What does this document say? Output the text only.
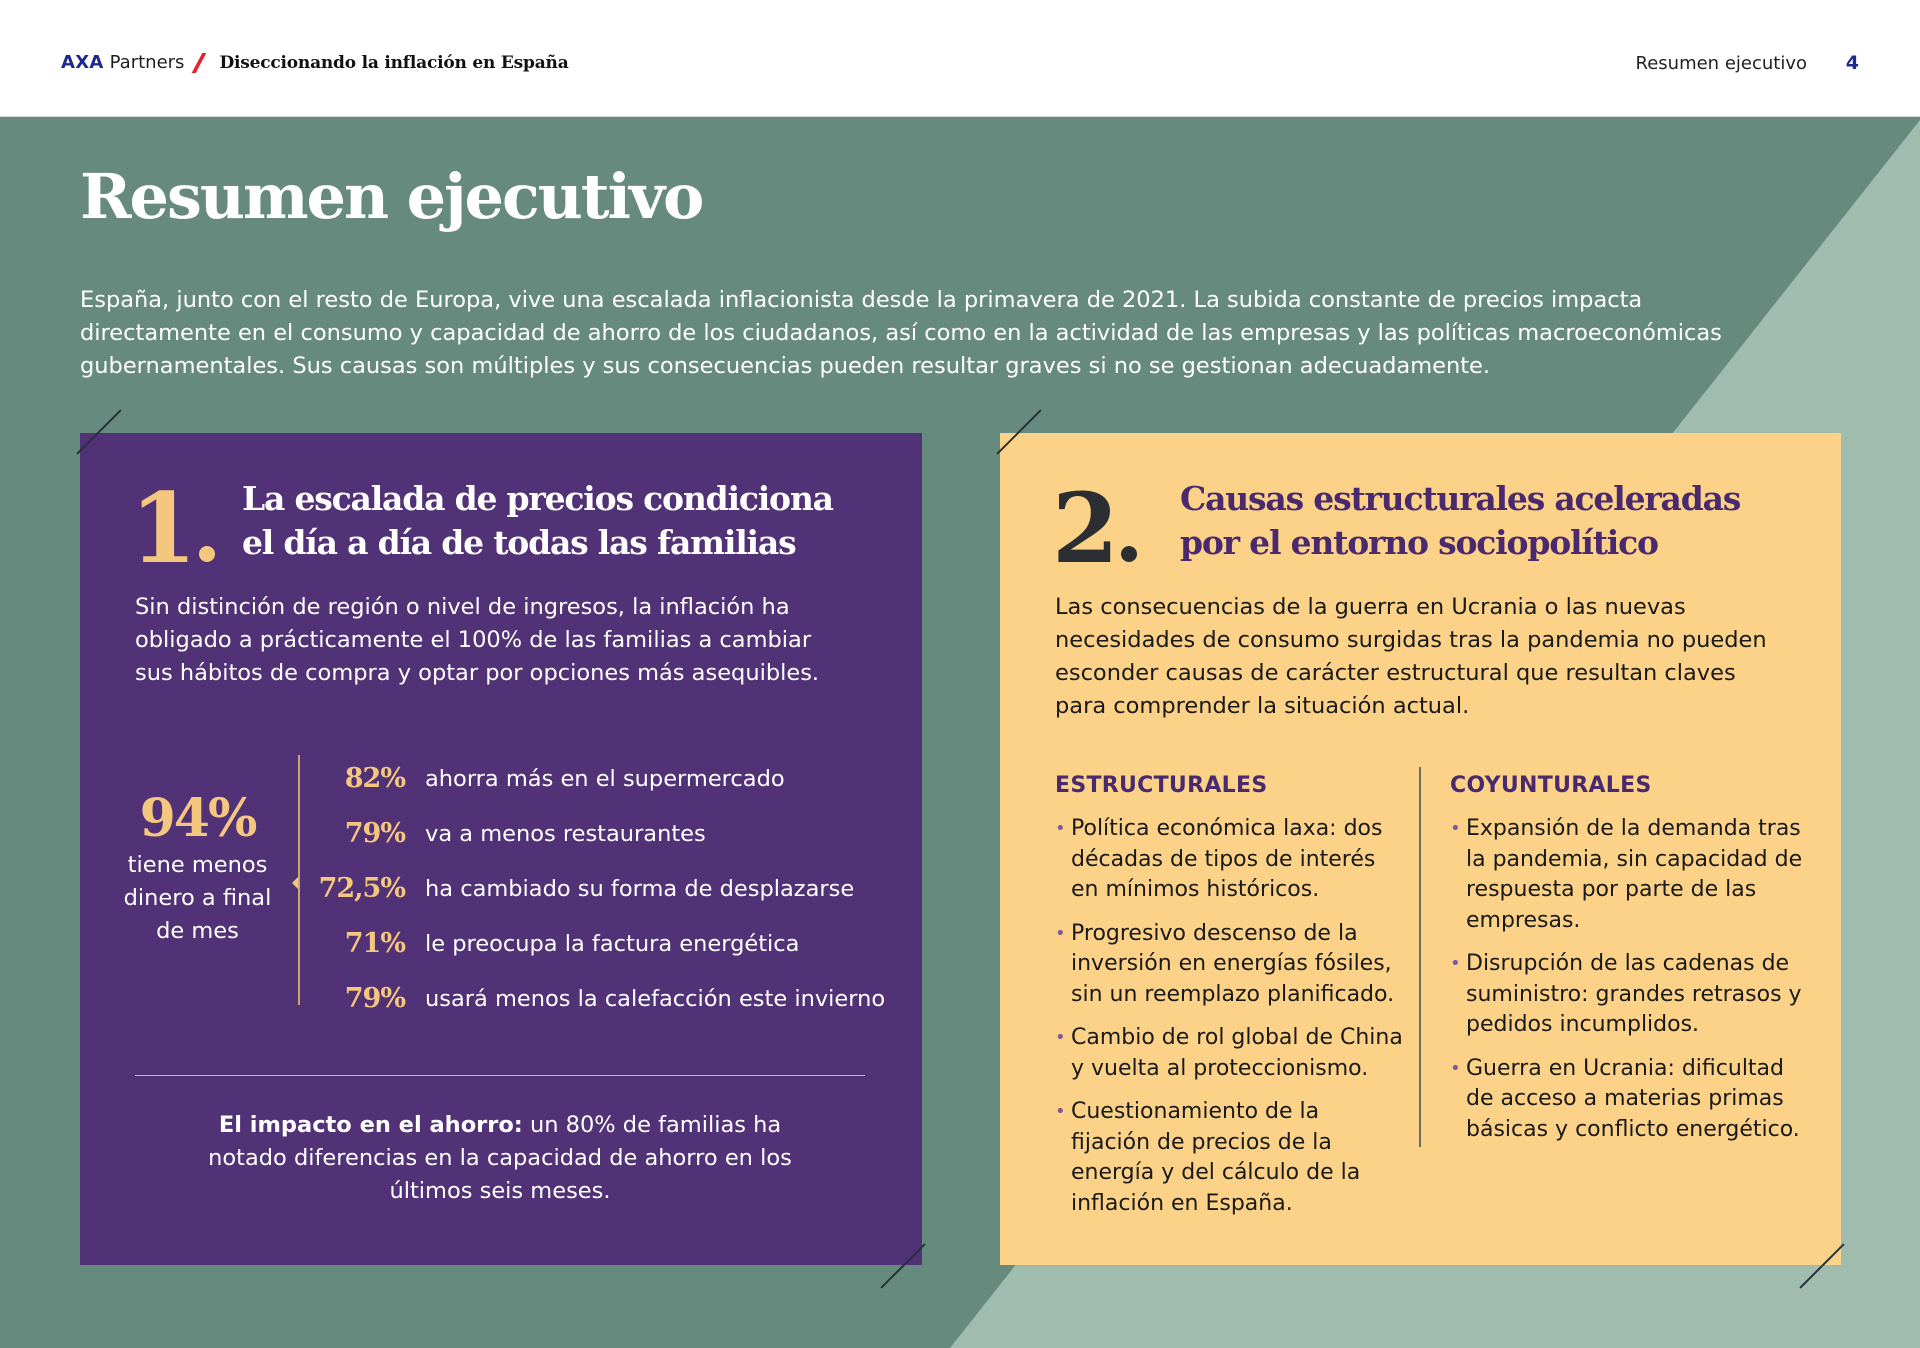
AXA Partners Diseccionando la inflación en España	Resumen ejecutivo 4
Resumen ejecutivo

España, junto con el resto de Europa, vive una escalada inflacionista desde la primavera de 2021. La subida constante de precios impacta directamente en el consumo y capacidad de ahorro de los ciudadanos, así como en la actividad de las empresas y las políticas macroeconómicas gubernamentales. Sus causas son múltiples y sus consecuencias pueden resultar graves si no se gestionan adecuadamente.

1	La escalada de precios condiciona
el día a día de todas las familias

Sin distinción de región o nivel de ingresos, la inflación ha obligado a prácticamente el 100% de las familias a cambiar sus hábitos de compra y optar por opciones más asequibles.

94%
tiene menos dinero a final de mes
82% ahorra más en el supermercado
79% va a menos restaurantes
72,5% ha cambiado su forma de desplazarse
71% le preocupa la factura energética
79% usará menos la calefacción este invierno

El impacto en el ahorro: un 80% de familias ha notado diferencias en la capacidad de ahorro en los últimos seis meses.

2	Causas estructurales aceleradas
por el entorno sociopolítico

Las consecuencias de la guerra en Ucrania o las nuevas necesidades de consumo surgidas tras la pandemia no pueden esconder causas de carácter estructural que resultan claves para comprender la situación actual.

ESTRUCTURALES
• Política económica laxa: dos décadas de tipos de interés en mínimos históricos.
• Progresivo descenso de la inversión en energías fósiles, sin un reemplazo planificado.
• Cambio de rol global de China y vuelta al proteccionismo.
• Cuestionamiento de la fijación de precios de la energía y del cálculo de la inflación en España.
COYUNTURALES
• Expansión de la demanda tras la pandemia, sin capacidad de respuesta por parte de las empresas.
• Disrupción de las cadenas de suministro: grandes retrasos y pedidos incumplidos.
• Guerra en Ucrania: dificultad de acceso a materias primas básicas y conflicto energético.
